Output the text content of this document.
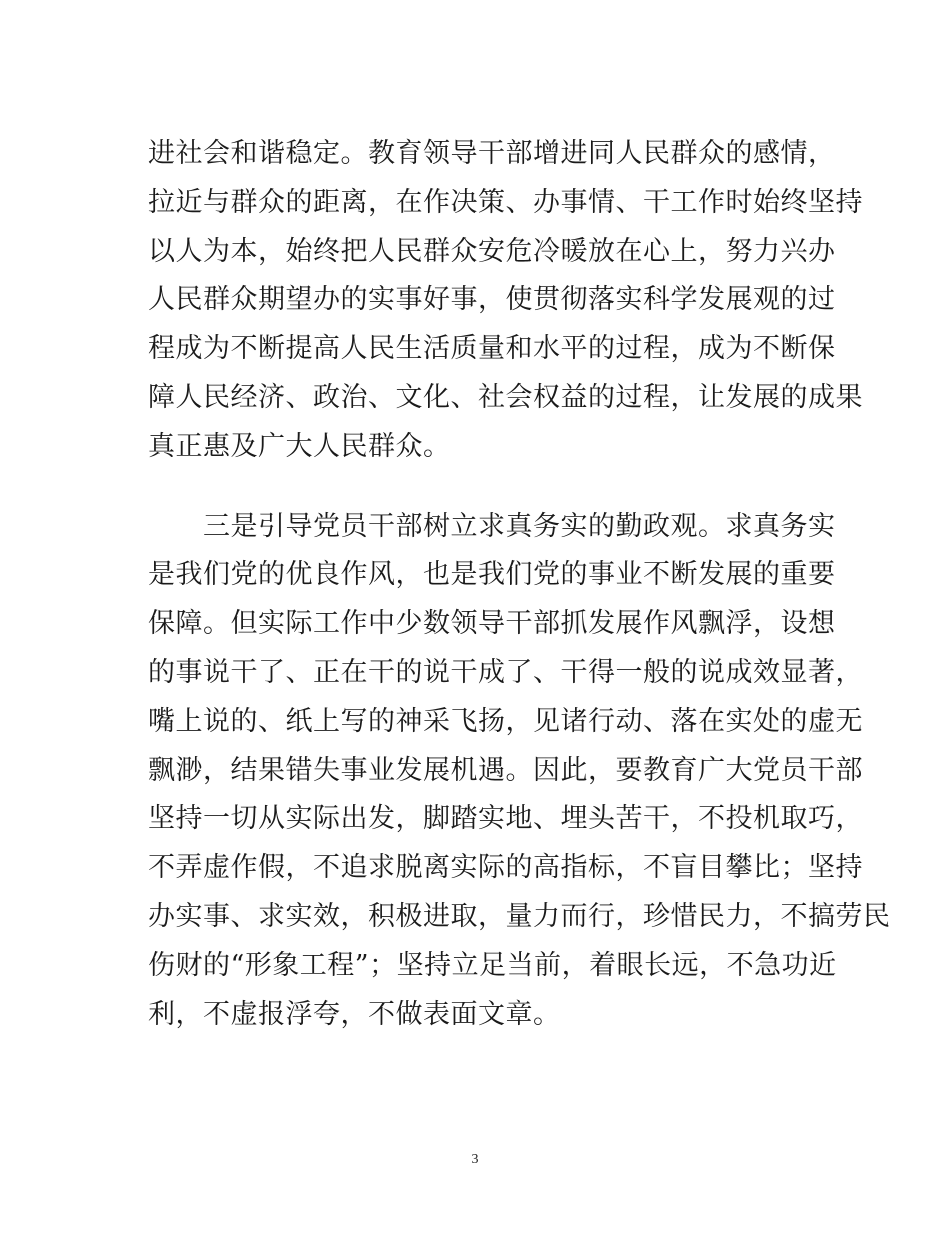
进社会和谐稳定。教育领导干部增进同人民群众的感情，
拉近与群众的距离，在作决策、办事情、干工作时始终坚持
以人为本，始终把人民群众安危冷暖放在心上，努力兴办
人民群众期望办的实事好事，使贯彻落实科学发展观的过
程成为不断提高人民生活质量和水平的过程，成为不断保
障人民经济、政治、文化、社会权益的过程，让发展的成果
真正惠及广大人民群众。
　　三是引导党员干部树立求真务实的勤政观。求真务实
是我们党的优良作风，也是我们党的事业不断发展的重要
保障。但实际工作中少数领导干部抓发展作风飘浮，设想
的事说干了、正在干的说干成了、干得一般的说成效显著，
嘴上说的、纸上写的神采飞扬，见诸行动、落在实处的虚无
飘渺，结果错失事业发展机遇。因此，要教育广大党员干部
坚持一切从实际出发，脚踏实地、埋头苦干，不投机取巧，
不弄虚作假，不追求脱离实际的高指标，不盲目攀比；坚持
办实事、求实效，积极进取，量力而行，珍惜民力，不搞劳民
伤财的“形象工程”；坚持立足当前，着眼长远，不急功近
利，不虚报浮夸，不做表面文章。
3
